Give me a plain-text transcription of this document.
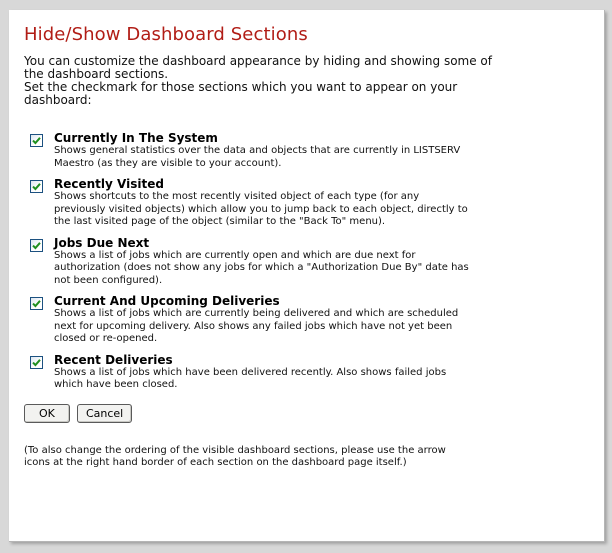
Hide/Show Dashboard Sections
You can customize the dashboard appearance by hiding and showing some of
the dashboard sections.
Set the checkmark for those sections which you want to appear on your
dashboard:
Currently In The System
Shows general statistics over the data and objects that are currently in LISTSERV
Maestro (as they are visible to your account).
Recently Visited
Shows shortcuts to the most recently visited object of each type (for any
previously visited objects) which allow you to jump back to each object, directly to
the last visited page of the object (similar to the "Back To" menu).
Jobs Due Next
Shows a list of jobs which are currently open and which are due next for
authorization (does not show any jobs for which a "Authorization Due By" date has
not been configured).
Current And Upcoming Deliveries
Shows a list of jobs which are currently being delivered and which are scheduled
next for upcoming delivery. Also shows any failed jobs which have not yet been
closed or re-opened.
Recent Deliveries
Shows a list of jobs which have been delivered recently. Also shows failed jobs
which have been closed.
OK	Cancel
(To also change the ordering of the visible dashboard sections, please use the arrow
icons at the right hand border of each section on the dashboard page itself.)
